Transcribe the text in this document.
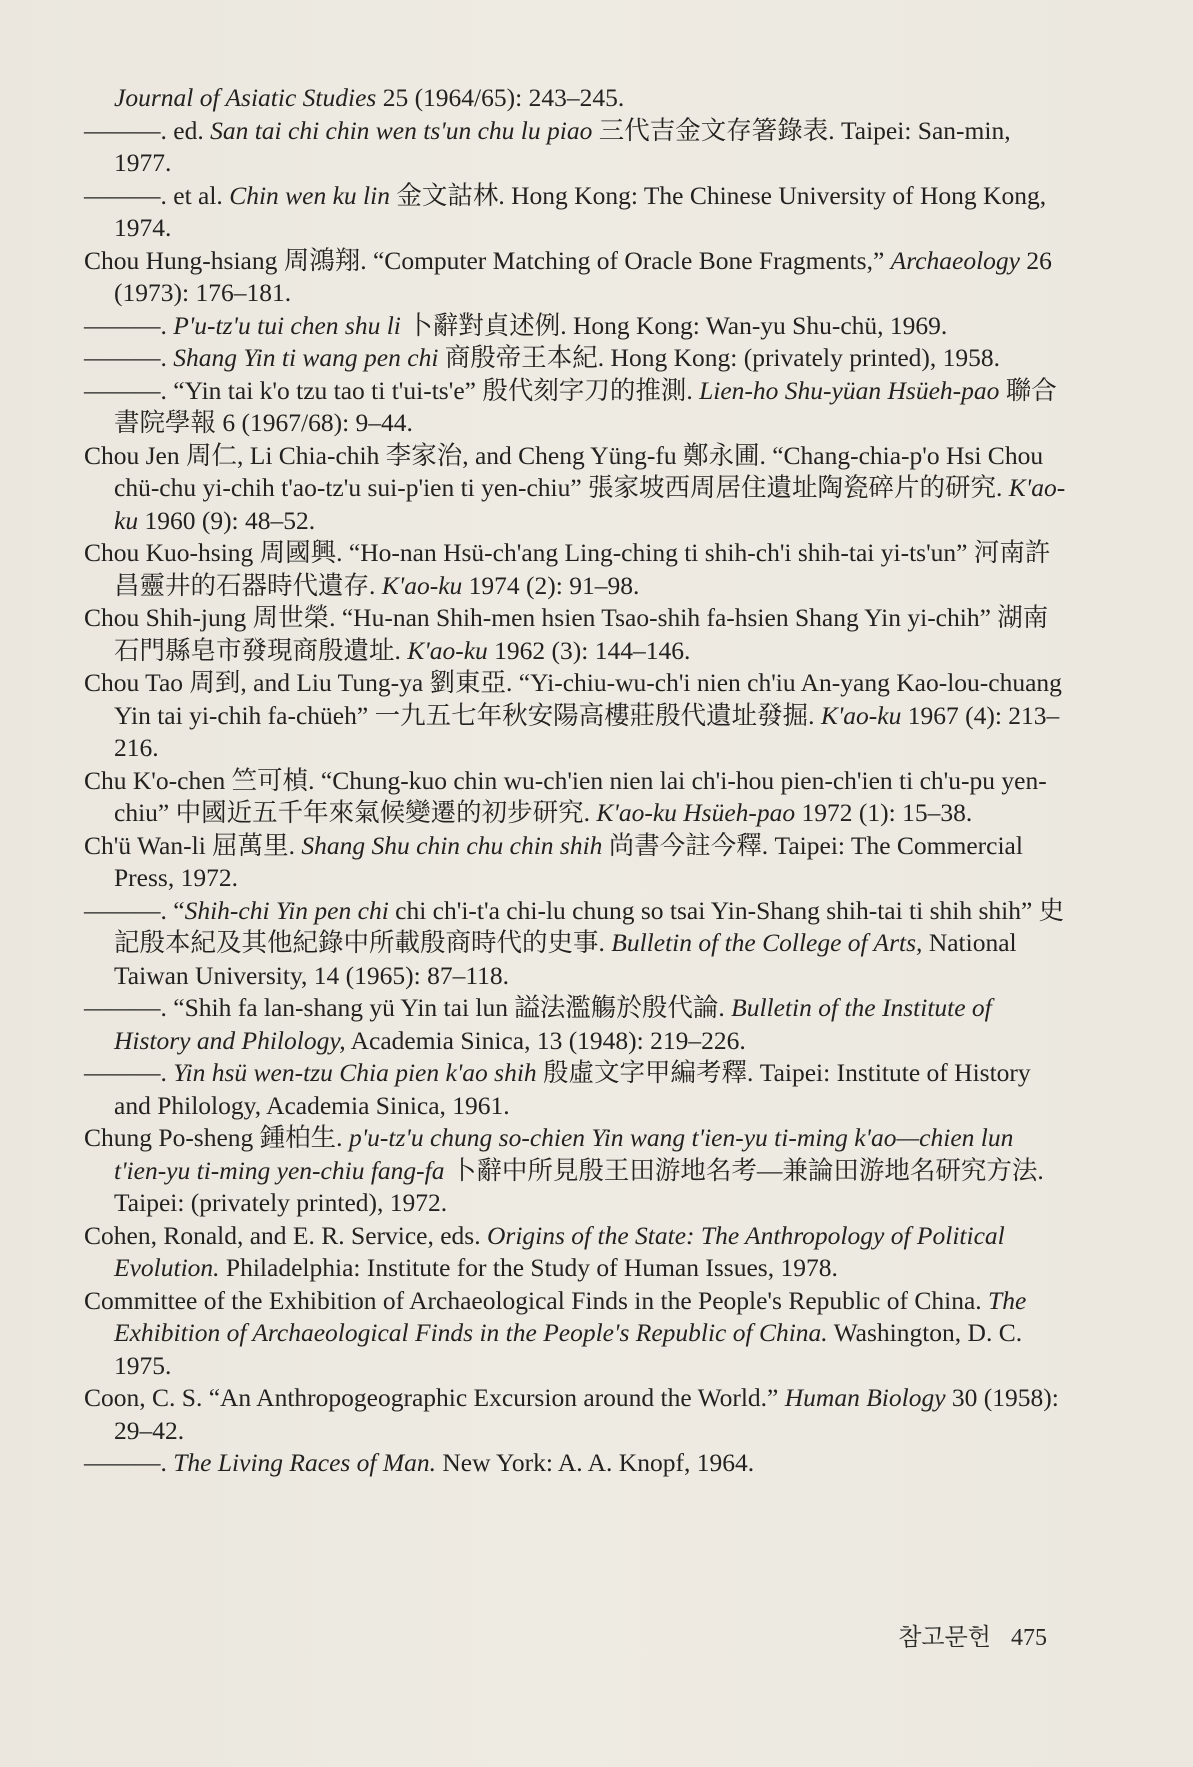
Journal of Asiatic Studies 25 (1964/65): 243–245.

———. ed. San tai chi chin wen ts'un chu lu piao 三代吉金文存箸錄表. Taipei: San-min, 1977.

———. et al. Chin wen ku lin 金文詁林. Hong Kong: The Chinese University of Hong Kong, 1974.

Chou Hung-hsiang 周鴻翔. “Computer Matching of Oracle Bone Fragments,” Archaeology 26 (1973): 176–181.

———. P'u-tz'u tui chen shu li 卜辭對貞述例. Hong Kong: Wan-yu Shu-chü, 1969.

———. Shang Yin ti wang pen chi 商殷帝王本紀. Hong Kong: (privately printed), 1958.

———. “Yin tai k'o tzu tao ti t'ui-ts'e” 殷代刻字刀的推測. Lien-ho Shu-yüan Hsüeh-pao 聯合書院學報 6 (1967/68): 9–44.

Chou Jen 周仁, Li Chia-chih 李家治, and Cheng Yüng-fu 鄭永圃. “Chang-chia-p'o Hsi Chou chü-chu yi-chih t'ao-tz'u sui-p'ien ti yen-chiu” 張家坡西周居住遺址陶瓷碎片的研究. K'ao-ku 1960 (9): 48–52.

Chou Kuo-hsing 周國興. “Ho-nan Hsü-ch'ang Ling-ching ti shih-ch'i shih-tai yi-ts'un” 河南許昌靈井的石器時代遺存. K'ao-ku 1974 (2): 91–98.

Chou Shih-jung 周世榮. “Hu-nan Shih-men hsien Tsao-shih fa-hsien Shang Yin yi-chih” 湖南石門縣皂市發現商殷遺址. K'ao-ku 1962 (3): 144–146.

Chou Tao 周到, and Liu Tung-ya 劉東亞. “Yi-chiu-wu-ch'i nien ch'iu An-yang Kao-lou-chuang Yin tai yi-chih fa-chüeh” 一九五七年秋安陽高樓莊殷代遺址發掘. K'ao-ku 1967 (4): 213–216.

Chu K'o-chen 竺可楨. “Chung-kuo chin wu-ch'ien nien lai ch'i-hou pien-ch'ien ti ch'u-pu yen-chiu” 中國近五千年來氣候變遷的初步研究. K'ao-ku Hsüeh-pao 1972 (1): 15–38.

Ch'ü Wan-li 屈萬里. Shang Shu chin chu chin shih 尚書今註今釋. Taipei: The Commercial Press, 1972.

———. “Shih-chi Yin pen chi chi ch'i-t'a chi-lu chung so tsai Yin-Shang shih-tai ti shih shih” 史記殷本紀及其他紀錄中所載殷商時代的史事. Bulletin of the College of Arts, National Taiwan University, 14 (1965): 87–118.

———. “Shih fa lan-shang yü Yin tai lun 謚法濫觴於殷代論. Bulletin of the Institute of History and Philology, Academia Sinica, 13 (1948): 219–226.

———. Yin hsü wen-tzu Chia pien k'ao shih 殷虛文字甲編考釋. Taipei: Institute of History and Philology, Academia Sinica, 1961.

Chung Po-sheng 鍾柏生. p'u-tz'u chung so-chien Yin wang t'ien-yu ti-ming k'ao—chien lun t'ien-yu ti-ming yen-chiu fang-fa 卜辭中所見殷王田游地名考—兼論田游地名研究方法. Taipei: (privately printed), 1972.

Cohen, Ronald, and E. R. Service, eds. Origins of the State: The Anthropology of Political Evolution. Philadelphia: Institute for the Study of Human Issues, 1978.

Committee of the Exhibition of Archaeological Finds in the People's Republic of China. The Exhibition of Archaeological Finds in the People's Republic of China. Washington, D. C. 1975.

Coon, C. S. “An Anthropogeographic Excursion around the World.” Human Biology 30 (1958): 29–42.

———. The Living Races of Man. New York: A. A. Knopf, 1964.

참고문헌 475
